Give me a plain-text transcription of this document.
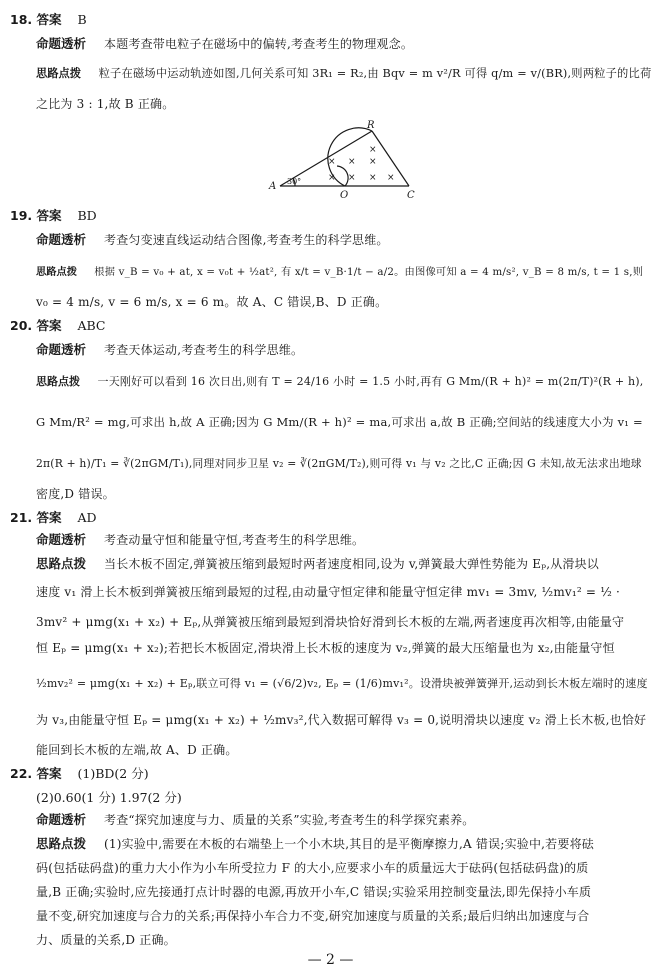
18. 答案 B
命题透析 本题考查带电粒子在磁场中的偏转,考查考生的物理观念。
思路点拨 粒子在磁场中运动轨迹如图,几何关系可知 3R₁ = R₂,由 Bqv = m v²/R 可得 q/m = v/(BR),则两粒子的比荷
之比为 3 : 1,故 B 正确。
× × ×
×
× × × ×
R
A 30°
O	C
19. 答案 BD
命题透析 考查匀变速直线运动结合图像,考查考生的科学思维。
思路点拨 根据 v_B = v₀ + at, x = v₀t + ½at², 有 x/t = v_B·1/t − a/2。由图像可知 a = 4 m/s², v_B = 8 m/s, t = 1 s,则
v₀ = 4 m/s, v = 6 m/s, x = 6 m。故 A、C 错误,B、D 正确。
20. 答案 ABC
命题透析 考查天体运动,考查考生的科学思维。
思路点拨 一天刚好可以看到 16 次日出,则有 T = 24/16 小时 = 1.5 小时,再有 G Mm/(R + h)² = m(2π/T)²(R + h),
G Mm/R² = mg,可求出 h,故 A 正确;因为 G Mm/(R + h)² = ma,可求出 a,故 B 正确;空间站的线速度大小为 v₁ =
2π(R + h)/T₁ = ∛(2πGM/T₁),同理对同步卫星 v₂ = ∛(2πGM/T₂),则可得 v₁ 与 v₂ 之比,C 正确;因 G 未知,故无法求出地球
密度,D 错误。
21. 答案 AD
命题透析 考查动量守恒和能量守恒,考查考生的科学思维。
思路点拨 当长木板不固定,弹簧被压缩到最短时两者速度相同,设为 v,弹簧最大弹性势能为 Eₚ,从滑块以
速度 v₁ 滑上长木板到弹簧被压缩到最短的过程,由动量守恒定律和能量守恒定律 mv₁ = 3mv, ½mv₁² = ½ ·
3mv² + μmg(x₁ + x₂) + Eₚ,从弹簧被压缩到最短到滑块恰好滑到长木板的左端,两者速度再次相等,由能量守
恒 Eₚ = μmg(x₁ + x₂);若把长木板固定,滑块滑上长木板的速度为 v₂,弹簧的最大压缩量也为 x₂,由能量守恒
½mv₂² = μmg(x₁ + x₂) + Eₚ,联立可得 v₁ = (√6/2)v₂, Eₚ = (1/6)mv₁²。设滑块被弹簧弹开,运动到长木板左端时的速度
为 v₃,由能量守恒 Eₚ = μmg(x₁ + x₂) + ½mv₃²,代入数据可解得 v₃ = 0,说明滑块以速度 v₂ 滑上长木板,也恰好
能回到长木板的左端,故 A、D 正确。
22. 答案 (1)BD(2 分)
(2)0.60(1 分) 1.97(2 分)
命题透析 考查“探究加速度与力、质量的关系”实验,考查考生的科学探究素养。
思路点拨 (1)实验中,需要在木板的右端垫上一个小木块,其目的是平衡摩擦力,A 错误;实验中,若要将砝
码(包括砝码盘)的重力大小作为小车所受拉力 F 的大小,应要求小车的质量远大于砝码(包括砝码盘)的质
量,B 正确;实验时,应先接通打点计时器的电源,再放开小车,C 错误;实验采用控制变量法,即先保持小车质
量不变,研究加速度与合力的关系;再保持小车合力不变,研究加速度与质量的关系;最后归纳出加速度与合
力、质量的关系,D 正确。
— 2 —
